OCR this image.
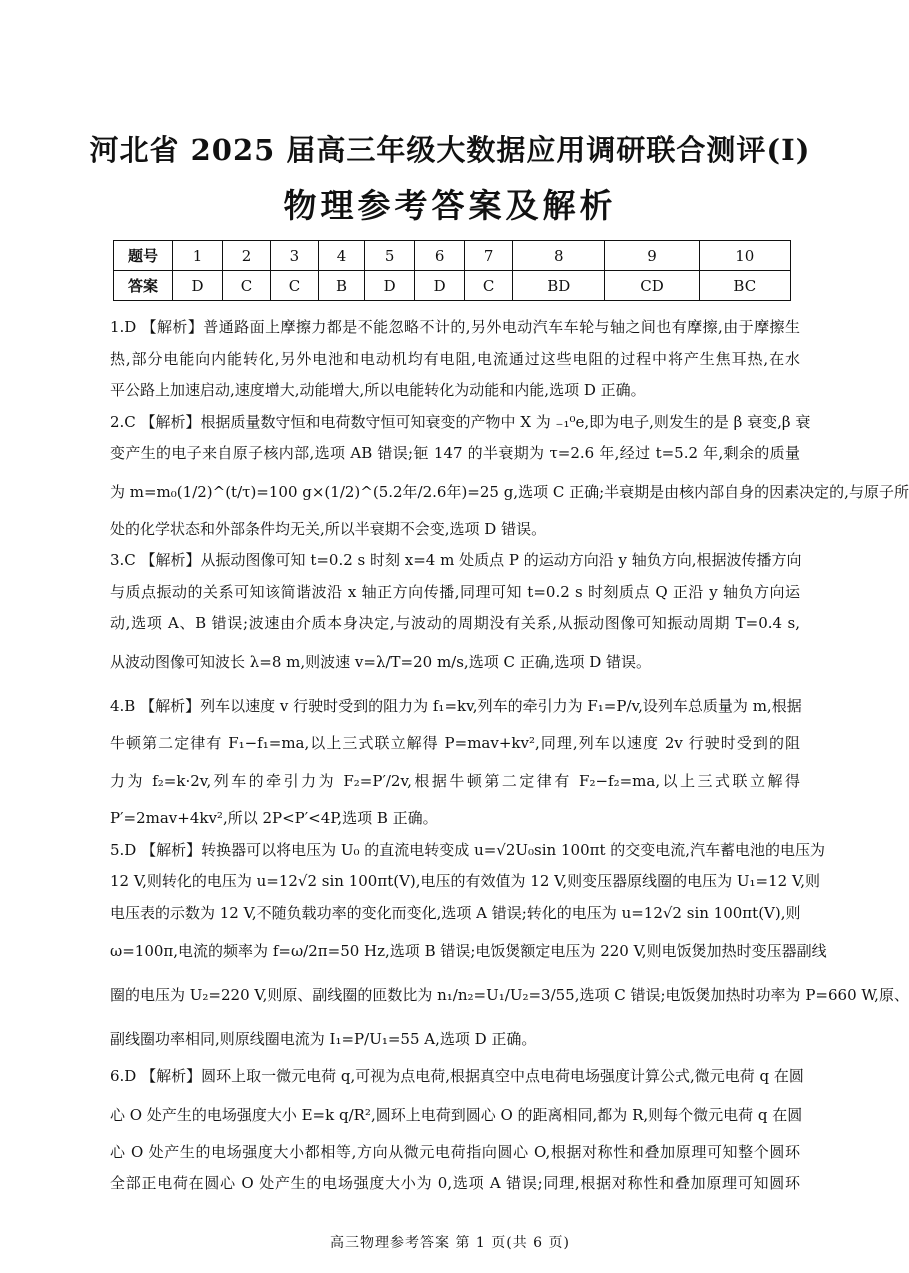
河北省 2025 届高三年级大数据应用调研联合测评(Ⅰ)
物理参考答案及解析
题号	1	2	3	4	5	6	7	8	9	10
答案	D	C	C	B	D	D	C	BD	CD	BC

1.D 【解析】普通路面上摩擦力都是不能忽略不计的,另外电动汽车车轮与轴之间也有摩擦,由于摩擦生

热,部分电能向内能转化,另外电池和电动机均有电阻,电流通过这些电阻的过程中将产生焦耳热,在水

平公路上加速启动,速度增大,动能增大,所以电能转化为动能和内能,选项 D 正确。

2.C 【解析】根据质量数守恒和电荷数守恒可知衰变的产物中 X 为 ₋₁⁰e,即为电子,则发生的是 β 衰变,β 衰

变产生的电子来自原子核内部,选项 AB 错误;钷 147 的半衰期为 τ=2.6 年,经过 t=5.2 年,剩余的质量

为 m=m₀(1/2)^(t/τ)=100 g×(1/2)^(5.2年/2.6年)=25 g,选项 C 正确;半衰期是由核内部自身的因素决定的,与原子所

处的化学状态和外部条件均无关,所以半衰期不会变,选项 D 错误。

3.C 【解析】从振动图像可知 t=0.2 s 时刻 x=4 m 处质点 P 的运动方向沿 y 轴负方向,根据波传播方向

与质点振动的关系可知该简谐波沿 x 轴正方向传播,同理可知 t=0.2 s 时刻质点 Q 正沿 y 轴负方向运

动,选项 A、B 错误;波速由介质本身决定,与波动的周期没有关系,从振动图像可知振动周期 T=0.4 s,

从波动图像可知波长 λ=8 m,则波速 v=λ/T=20 m/s,选项 C 正确,选项 D 错误。

4.B 【解析】列车以速度 v 行驶时受到的阻力为 f₁=kv,列车的牵引力为 F₁=P/v,设列车总质量为 m,根据

牛顿第二定律有 F₁−f₁=ma,以上三式联立解得 P=mav+kv²,同理,列车以速度 2v 行驶时受到的阻

力为 f₂=k·2v,列车的牵引力为 F₂=P′/2v,根据牛顿第二定律有 F₂−f₂=ma,以上三式联立解得

P′=2mav+4kv²,所以 2P<P′<4P,选项 B 正确。

5.D 【解析】转换器可以将电压为 U₀ 的直流电转变成 u=√2U₀sin 100πt 的交变电流,汽车蓄电池的电压为

12 V,则转化的电压为 u=12√2 sin 100πt(V),电压的有效值为 12 V,则变压器原线圈的电压为 U₁=12 V,则

电压表的示数为 12 V,不随负载功率的变化而变化,选项 A 错误;转化的电压为 u=12√2 sin 100πt(V),则

ω=100π,电流的频率为 f=ω/2π=50 Hz,选项 B 错误;电饭煲额定电压为 220 V,则电饭煲加热时变压器副线

圈的电压为 U₂=220 V,则原、副线圈的匝数比为 n₁/n₂=U₁/U₂=3/55,选项 C 错误;电饭煲加热时功率为 P=660 W,原、

副线圈功率相同,则原线圈电流为 I₁=P/U₁=55 A,选项 D 正确。

6.D 【解析】圆环上取一微元电荷 q,可视为点电荷,根据真空中点电荷电场强度计算公式,微元电荷 q 在圆

心 O 处产生的电场强度大小 E=k q/R²,圆环上电荷到圆心 O 的距离相同,都为 R,则每个微元电荷 q 在圆

心 O 处产生的电场强度大小都相等,方向从微元电荷指向圆心 O,根据对称性和叠加原理可知整个圆环

全部正电荷在圆心 O 处产生的电场强度大小为 0,选项 A 错误;同理,根据对称性和叠加原理可知圆环

高三物理参考答案 第 1 页(共 6 页)
